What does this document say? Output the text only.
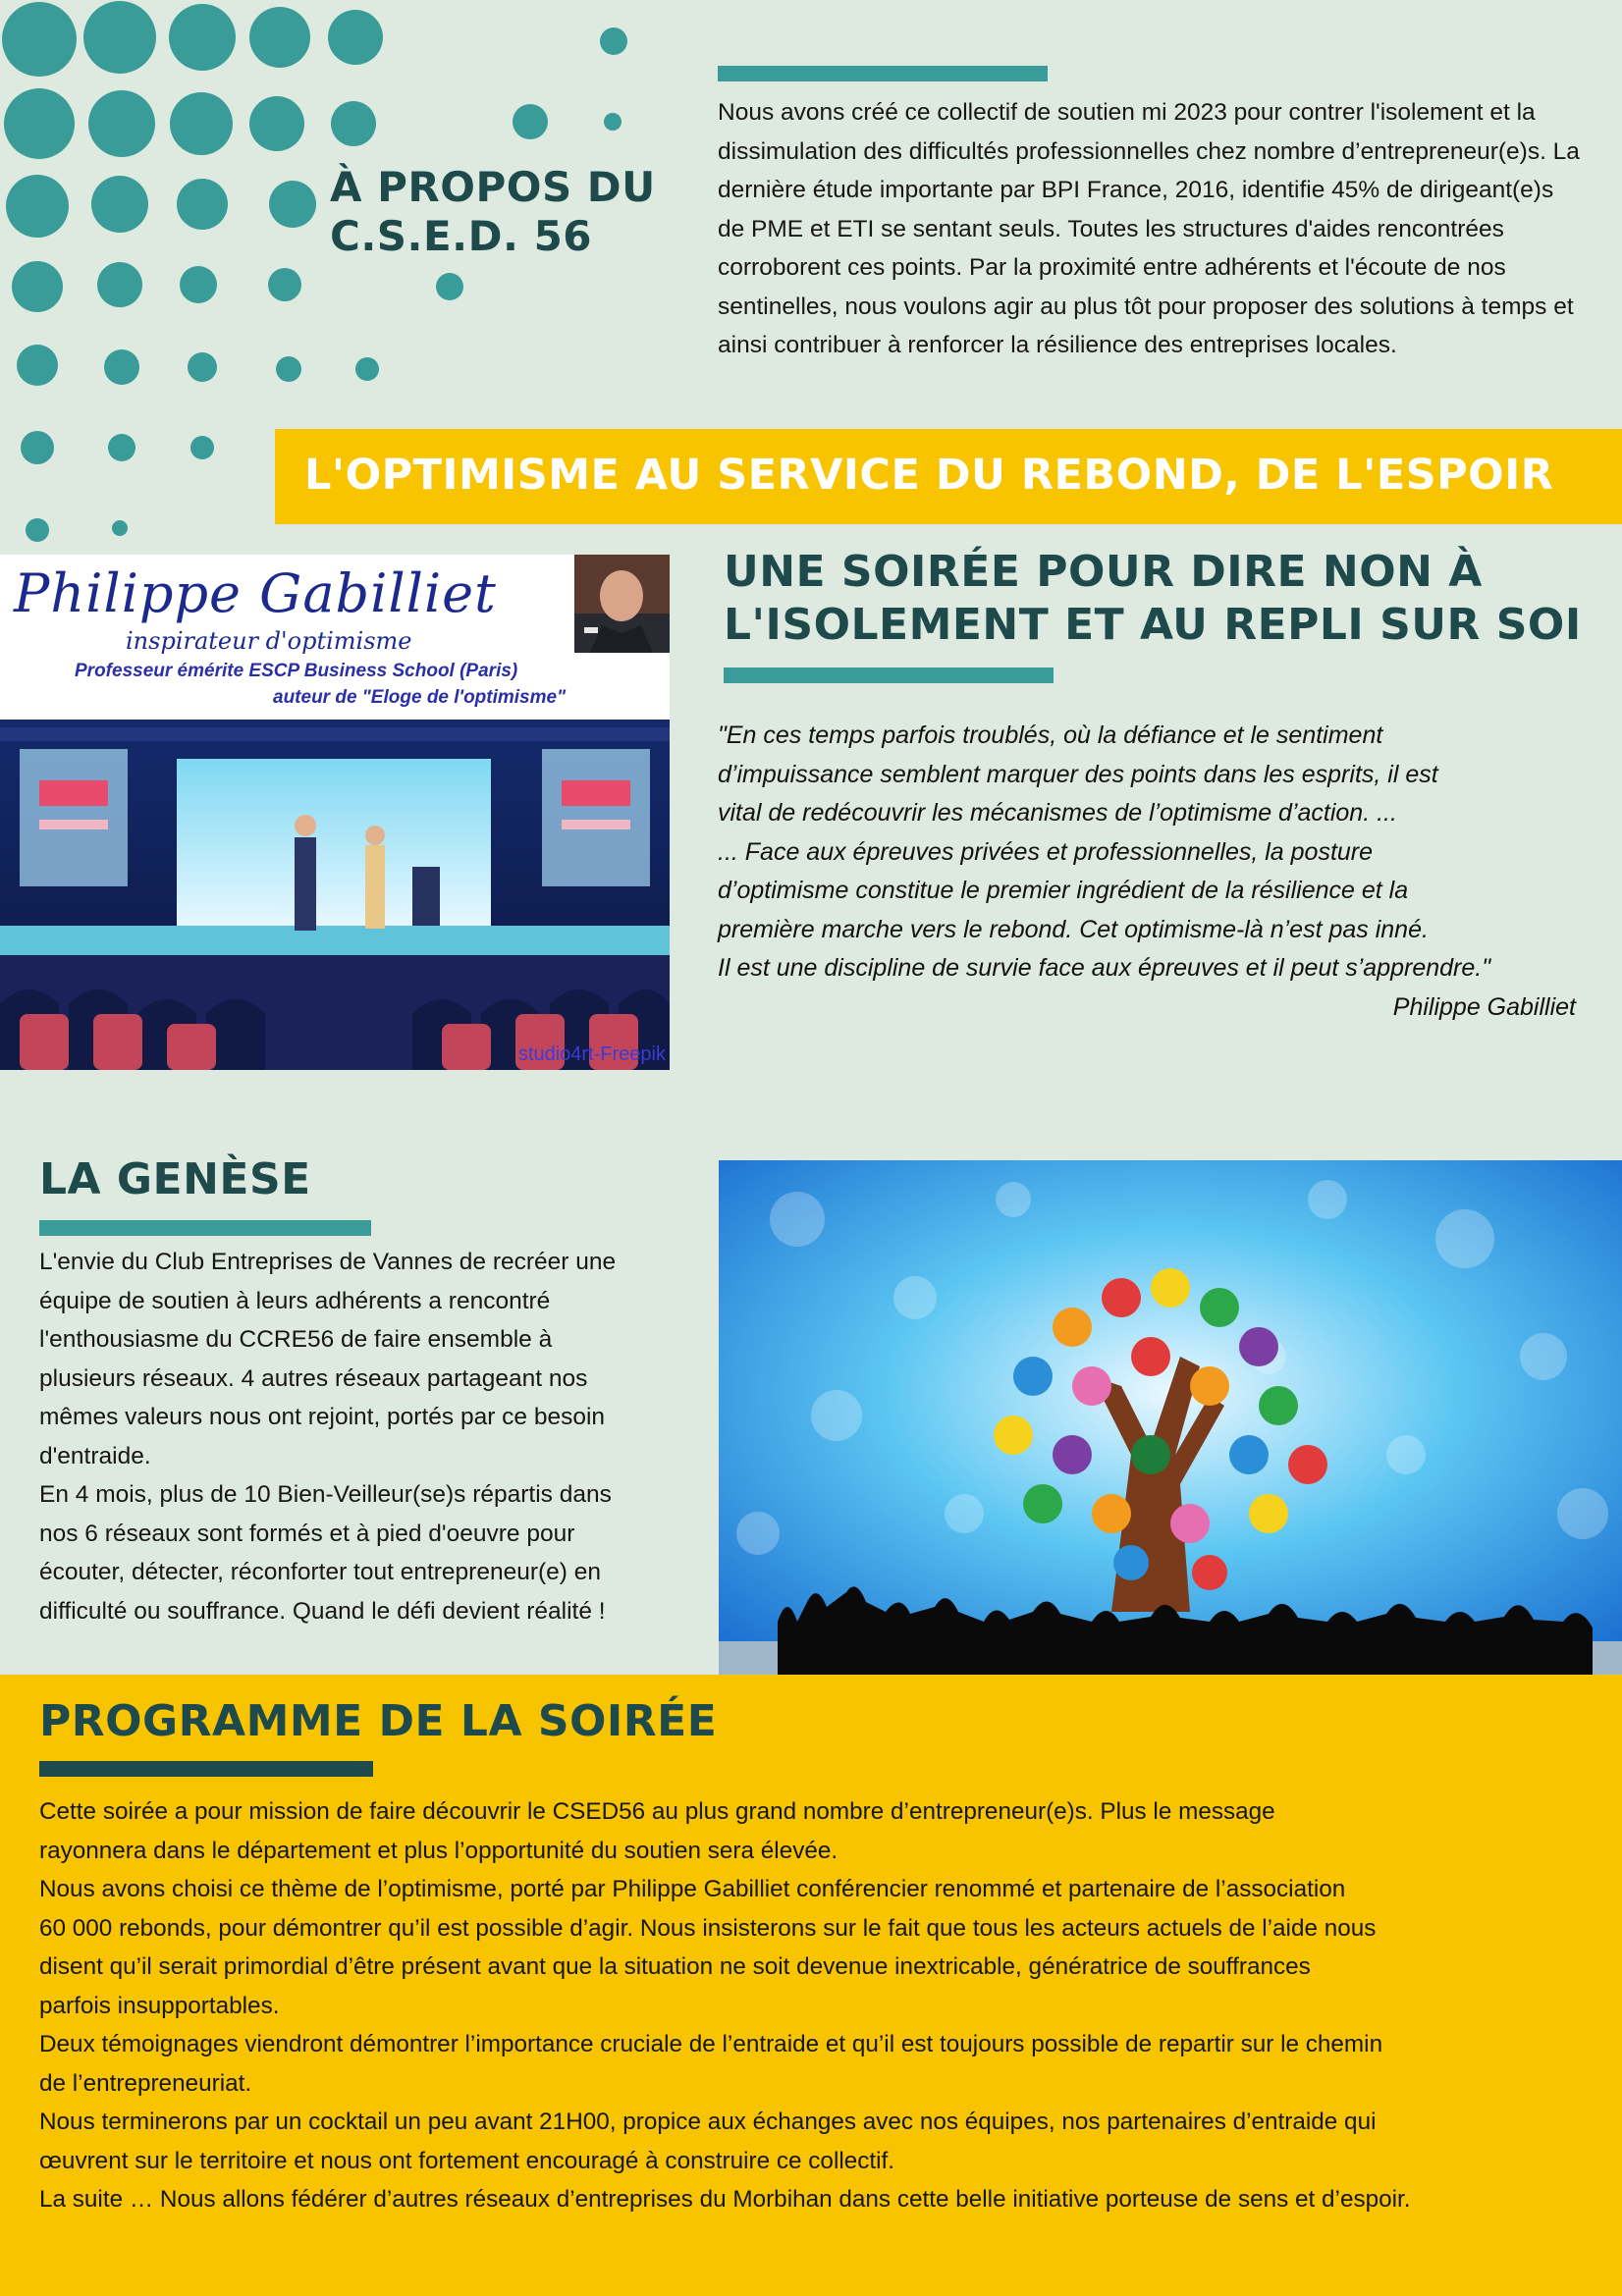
À PROPOS DU
C.S.E.D. 56
Nous avons créé ce collectif de soutien mi 2023 pour contrer l'isolement et la dissimulation des difficultés professionnelles chez nombre d’entrepreneur(e)s. La dernière étude importante par BPI France, 2016, identifie 45% de dirigeant(e)s de PME et ETI se sentant seuls. Toutes les structures d'aides rencontrées corroborent ces points. Par la proximité entre adhérents et l'écoute de nos sentinelles, nous voulons agir au plus tôt pour proposer des solutions à temps et ainsi contribuer à renforcer la résilience des entreprises locales.
L'OPTIMISME AU SERVICE DU REBOND, DE L'ESPOIR
Philippe Gabilliet
inspirateur d'optimisme
Professeur émérite ESCP Business School (Paris)
auteur de "Eloge de l'optimisme"
studio4rt-Freepik
UNE SOIRÉE POUR DIRE NON À
L'ISOLEMENT ET AU REPLI SUR SOI
"En ces temps parfois troublés, où la défiance et le sentiment
d’impuissance semblent marquer des points dans les esprits, il est
vital de redécouvrir les mécanismes de l’optimisme d’action. ...
... Face aux épreuves privées et professionnelles, la posture
d’optimisme constitue le premier ingrédient de la résilience et la
première marche vers le rebond. Cet optimisme-là n’est pas inné.
Il est une discipline de survie face aux épreuves et il peut s’apprendre."
Philippe Gabilliet
LA GENÈSE
L'envie du Club Entreprises de Vannes de recréer une
équipe de soutien à leurs adhérents a rencontré
l'enthousiasme du CCRE56 de faire ensemble à
plusieurs réseaux. 4 autres réseaux partageant nos
mêmes valeurs nous ont rejoint, portés par ce besoin
d'entraide.
En 4 mois, plus de 10 Bien-Veilleur(se)s répartis dans
nos 6 réseaux sont formés et à pied d'oeuvre pour
écouter, détecter, réconforter tout entrepreneur(e) en
difficulté ou souffrance. Quand le défi devient réalité !
PROGRAMME DE LA SOIRÉE
Cette soirée a pour mission de faire découvrir le CSED56 au plus grand nombre d’entrepreneur(e)s. Plus le message
rayonnera dans le département et plus l’opportunité du soutien sera élevée.
Nous avons choisi ce thème de l’optimisme, porté par Philippe Gabilliet conférencier renommé et partenaire de l’association
60 000 rebonds, pour démontrer qu’il est possible d’agir. Nous insisterons sur le fait que tous les acteurs actuels de l’aide nous
disent qu’il serait primordial d’être présent avant que la situation ne soit devenue inextricable, génératrice de souffrances
parfois insupportables.
Deux témoignages viendront démontrer l’importance cruciale de l’entraide et qu’il est toujours possible de repartir sur le chemin
de l’entrepreneuriat.
Nous terminerons par un cocktail un peu avant 21H00, propice aux échanges avec nos équipes, nos partenaires d’entraide qui
œuvrent sur le territoire et nous ont fortement encouragé à construire ce collectif.
La suite … Nous allons fédérer d’autres réseaux d’entreprises du Morbihan dans cette belle initiative porteuse de sens et d’espoir.
